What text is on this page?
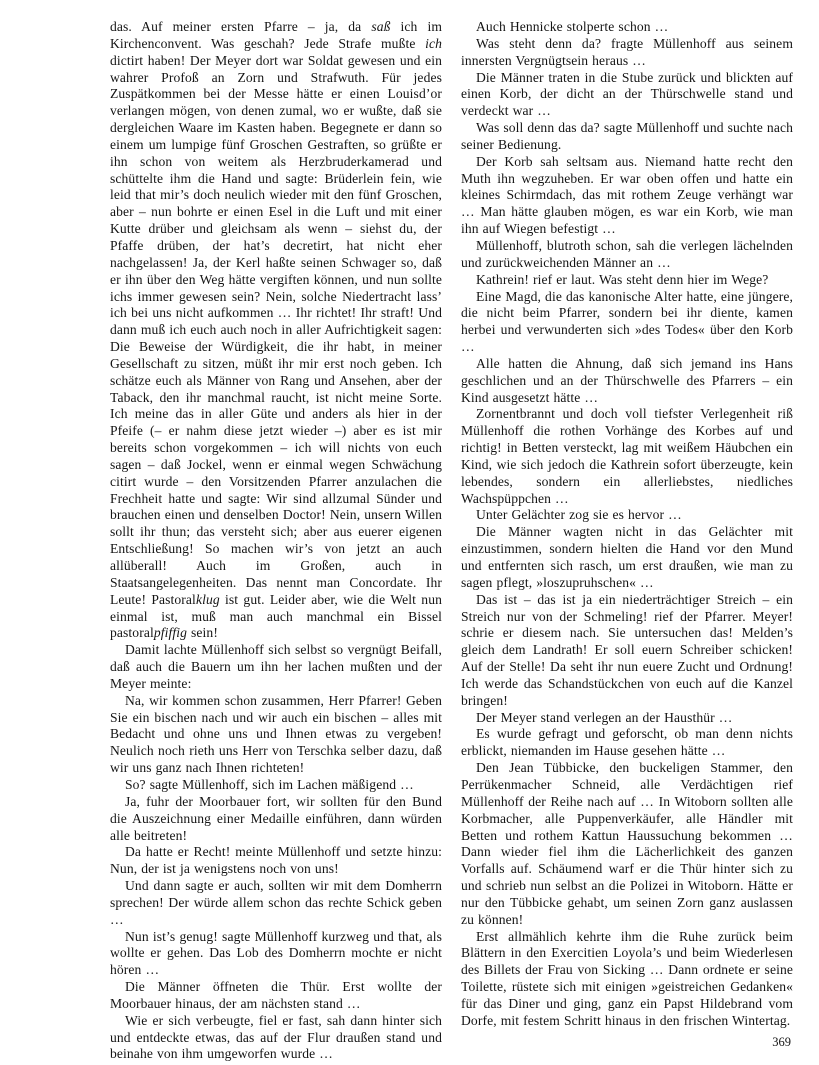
das. Auf meiner ersten Pfarre – ja, da saß ich im Kirchenconvent. Was geschah? Jede Strafe mußte ich dictirt haben! Der Meyer dort war Soldat gewesen und ein wahrer Profoß an Zorn und Strafwuth. Für jedes Zuspätkommen bei der Messe hätte er einen Louisd’or verlangen mögen, von denen zumal, wo er wußte, daß sie dergleichen Waare im Kasten haben. Begegnete er dann so einem um lumpige fünf Groschen Gestraften, so grüßte er ihn schon von weitem als Herzbruderkamerad und schüttelte ihm die Hand und sagte: Brüderlein fein, wie leid that mir’s doch neulich wieder mit den fünf Groschen, aber – nun bohrte er einen Esel in die Luft und mit einer Kutte drüber und gleichsam als wenn – siehst du, der Pfaffe drüben, der hat’s decretirt, hat nicht eher nachgelassen! Ja, der Kerl haßte seinen Schwager so, daß er ihn über den Weg hätte vergiften können, und nun sollte ichs immer gewesen sein? Nein, solche Niedertracht lass’ ich bei uns nicht aufkommen … Ihr richtet! Ihr straft! Und dann muß ich euch auch noch in aller Aufrichtigkeit sagen: Die Beweise der Würdigkeit, die ihr habt, in meiner Gesellschaft zu sitzen, müßt ihr mir erst noch geben. Ich schätze euch als Männer von Rang und Ansehen, aber der Taback, den ihr manchmal raucht, ist nicht meine Sorte. Ich meine das in aller Güte und anders als hier in der Pfeife (– er nahm diese jetzt wieder –) aber es ist mir bereits schon vorgekommen – ich will nichts von euch sagen – daß Jockel, wenn er einmal wegen Schwächung citirt wurde – den Vorsitzenden Pfarrer anzulachen die Frechheit hatte und sagte: Wir sind allzumal Sünder und brauchen einen und denselben Doctor! Nein, unsern Willen sollt ihr thun; das versteht sich; aber aus euerer eigenen Entschließung! So machen wir’s von jetzt an auch allüberall! Auch im Großen, auch in Staatsangelegenheiten. Das nennt man Concordate. Ihr Leute! Pastoralklug ist gut. Leider aber, wie die Welt nun einmal ist, muß man auch manchmal ein Bissel pastoralpfiffig sein!

Damit lachte Müllenhoff sich selbst so vergnügt Beifall, daß auch die Bauern um ihn her lachen mußten und der Meyer meinte:

Na, wir kommen schon zusammen, Herr Pfarrer! Geben Sie ein bischen nach und wir auch ein bischen – alles mit Bedacht und ohne uns und Ihnen etwas zu vergeben! Neulich noch rieth uns Herr von Terschka selber dazu, daß wir uns ganz nach Ihnen richteten!

So? sagte Müllenhoff, sich im Lachen mäßigend …

Ja, fuhr der Moorbauer fort, wir sollten für den Bund die Auszeichnung einer Medaille einführen, dann würden alle beitreten!

Da hatte er Recht! meinte Müllenhoff und setzte hinzu: Nun, der ist ja wenigstens noch von uns!

Und dann sagte er auch, sollten wir mit dem Domherrn sprechen! Der würde allem schon das rechte Schick geben …

Nun ist’s genug! sagte Müllenhoff kurzweg und that, als wollte er gehen. Das Lob des Domherrn mochte er nicht hören …

Die Männer öffneten die Thür. Erst wollte der Moorbauer hinaus, der am nächsten stand …

Wie er sich verbeugte, fiel er fast, sah dann hinter sich und entdeckte etwas, das auf der Flur draußen stand und beinahe von ihm umgeworfen wurde …

Auch Hennicke stolperte schon …

Was steht denn da? fragte Müllenhoff aus seinem innersten Vergnügtsein heraus …

Die Männer traten in die Stube zurück und blickten auf einen Korb, der dicht an der Thürschwelle stand und verdeckt war …

Was soll denn das da? sagte Müllenhoff und suchte nach seiner Bedienung.

Der Korb sah seltsam aus. Niemand hatte recht den Muth ihn wegzuheben. Er war oben offen und hatte ein kleines Schirmdach, das mit rothem Zeuge verhängt war … Man hätte glauben mögen, es war ein Korb, wie man ihn auf Wiegen befestigt …

Müllenhoff, blutroth schon, sah die verlegen lächelnden und zurückweichenden Männer an …

Kathrein! rief er laut. Was steht denn hier im Wege?

Eine Magd, die das kanonische Alter hatte, eine jüngere, die nicht beim Pfarrer, sondern bei ihr diente, kamen herbei und verwunderten sich »des Todes« über den Korb …

Alle hatten die Ahnung, daß sich jemand ins Hans geschlichen und an der Thürschwelle des Pfarrers – ein Kind ausgesetzt hätte …

Zornentbrannt und doch voll tiefster Verlegenheit riß Müllenhoff die rothen Vorhänge des Korbes auf und richtig! in Betten versteckt, lag mit weißem Häubchen ein Kind, wie sich jedoch die Kathrein sofort überzeugte, kein lebendes, sondern ein allerliebstes, niedliches Wachspüppchen …

Unter Gelächter zog sie es hervor …

Die Männer wagten nicht in das Gelächter mit einzustimmen, sondern hielten die Hand vor den Mund und entfernten sich rasch, um erst draußen, wie man zu sagen pflegt, »loszupruhschen« …

Das ist – das ist ja ein niederträchtiger Streich – ein Streich nur von der Schmeling! rief der Pfarrer. Meyer! schrie er diesem nach. Sie untersuchen das! Melden’s gleich dem Landrath! Er soll euern Schreiber schicken! Auf der Stelle! Da seht ihr nun euere Zucht und Ordnung! Ich werde das Schandstückchen von euch auf die Kanzel bringen!

Der Meyer stand verlegen an der Hausthür …

Es wurde gefragt und geforscht, ob man denn nichts erblickt, niemanden im Hause gesehen hätte …

Den Jean Tübbicke, den buckeligen Stammer, den Perrükenmacher Schneid, alle Verdächtigen rief Müllenhoff der Reihe nach auf … In Witoborn sollten alle Korbmacher, alle Puppenverkäufer, alle Händler mit Betten und rothem Kattun Haussuchung bekommen … Dann wieder fiel ihm die Lächerlichkeit des ganzen Vorfalls auf. Schäumend warf er die Thür hinter sich zu und schrieb nun selbst an die Polizei in Witoborn. Hätte er nur den Tübbicke gehabt, um seinen Zorn ganz auslassen zu können!

Erst allmählich kehrte ihm die Ruhe zurück beim Blättern in den Exercitien Loyola’s und beim Wiederlesen des Billets der Frau von Sicking … Dann ordnete er seine Toilette, rüstete sich mit einigen »geistreichen Gedanken« für das Diner und ging, ganz ein Papst Hildebrand vom Dorfe, mit festem Schritt hinaus in den frischen Wintertag.

369
